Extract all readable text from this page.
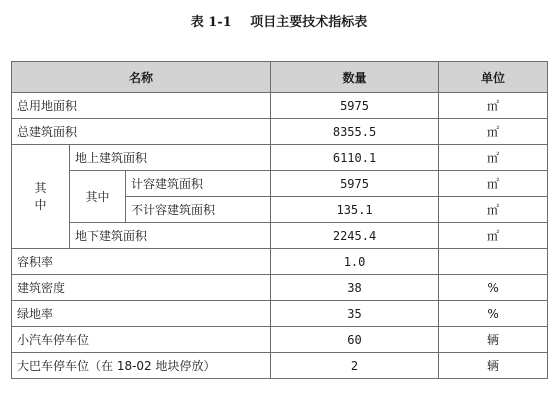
表 1-1 项目主要技术指标表
名称			数量	单位
总用地面积			5975	㎡
总建筑面积			8355.5	㎡
其中	地上建筑面积		6110.1	㎡
	其中	计容建筑面积	5975	㎡
		不计容建筑面积	135.1	㎡
	地下建筑面积		2245.4	㎡
容积率			1.0	
建筑密度			38	%
绿地率			35	%
小汽车停车位			60	辆
大巴车停车位（在 18-02 地块停放）			2	辆
